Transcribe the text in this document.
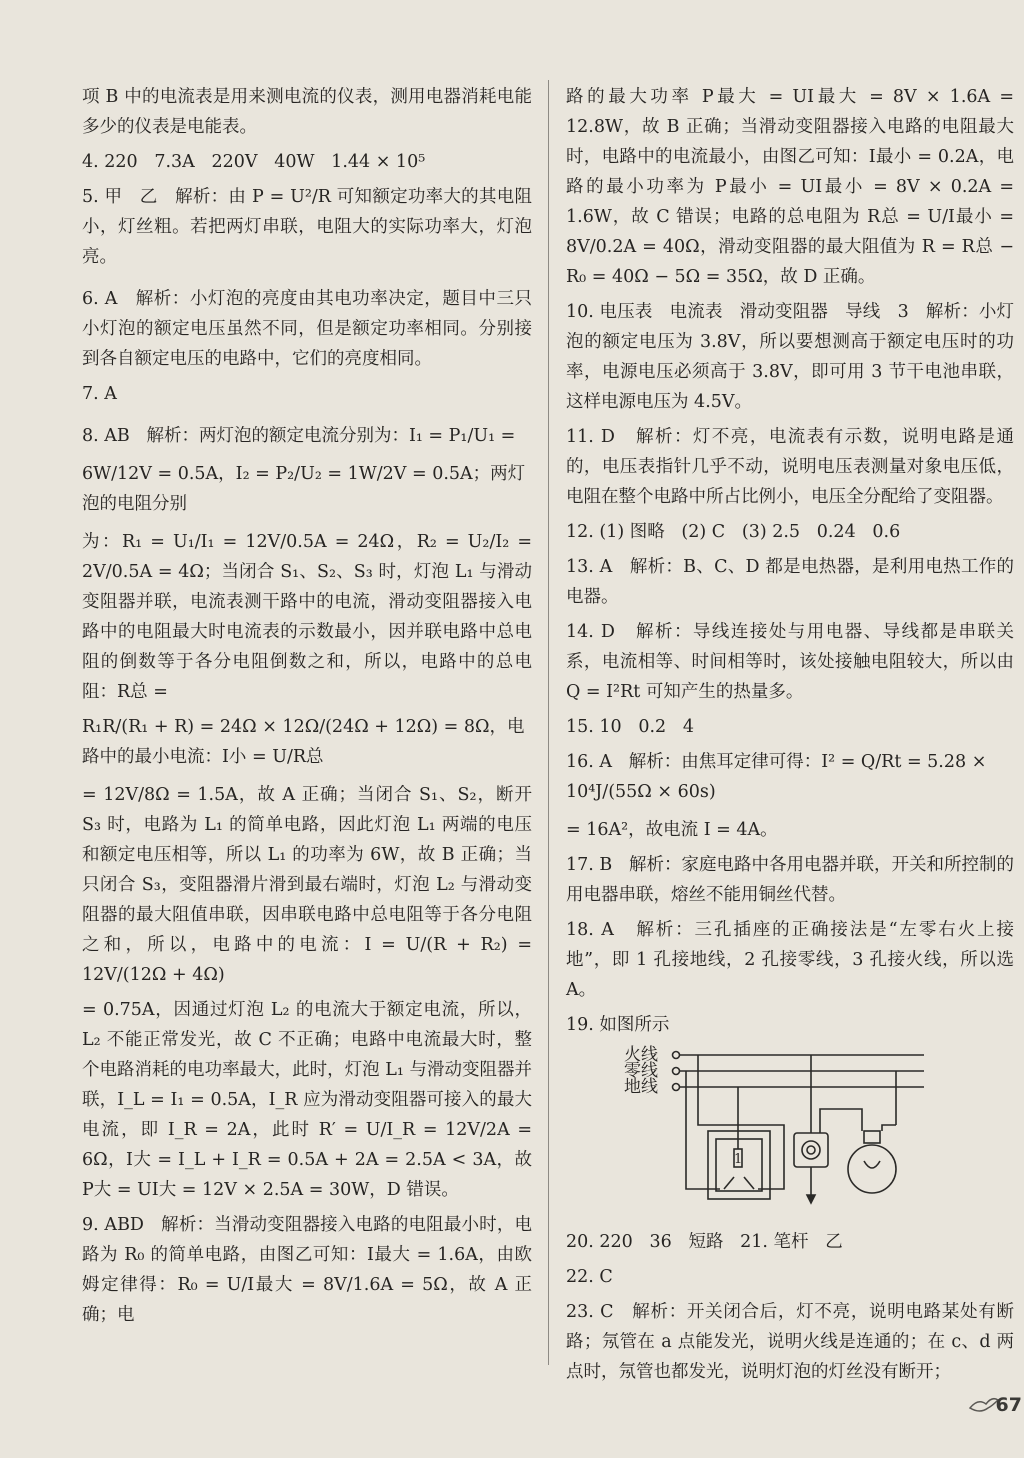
项 B 中的电流表是用来测电流的仪表，测用电器消耗电能多少的仪表是电能表。

4. 220   7.3A   220V   40W   1.44 × 10⁵

5. 甲   乙   解析：由 P = U²/R 可知额定功率大的其电阻小，灯丝粗。若把两灯串联，电阻大的实际功率大，灯泡亮。

6. A   解析：小灯泡的亮度由其电功率决定，题目中三只小灯泡的额定电压虽然不同，但是额定功率相同。分别接到各自额定电压的电路中，它们的亮度相同。

7. A

8. AB   解析：两灯泡的额定电流分别为：I₁ = P₁/U₁ =

6W/12V = 0.5A，I₂ = P₂/U₂ = 1W/2V = 0.5A；两灯泡的电阻分别

为：R₁ = U₁/I₁ = 12V/0.5A = 24Ω，R₂ = U₂/I₂ = 2V/0.5A = 4Ω；当闭合 S₁、S₂、S₃ 时，灯泡 L₁ 与滑动变阻器并联，电流表测干路中的电流，滑动变阻器接入电路中的电阻最大时电流表的示数最小，因并联电路中总电阻的倒数等于各分电阻倒数之和，所以，电路中的总电阻：R总 =

R₁R/(R₁ + R) = 24Ω × 12Ω/(24Ω + 12Ω) = 8Ω，电路中的最小电流：I小 = U/R总

= 12V/8Ω = 1.5A，故 A 正确；当闭合 S₁、S₂，断开 S₃ 时，电路为 L₁ 的简单电路，因此灯泡 L₁ 两端的电压和额定电压相等，所以 L₁ 的功率为 6W，故 B 正确；当只闭合 S₃，变阻器滑片滑到最右端时，灯泡 L₂ 与滑动变阻器的最大阻值串联，因串联电路中总电阻等于各分电阻之和，所以，电路中的电流：I = U/(R + R₂) = 12V/(12Ω + 4Ω)

= 0.75A，因通过灯泡 L₂ 的电流大于额定电流，所以，L₂ 不能正常发光，故 C 不正确；电路中电流最大时，整个电路消耗的电功率最大，此时，灯泡 L₁ 与滑动变阻器并联，I_L = I₁ = 0.5A，I_R 应为滑动变阻器可接入的最大电流，即 I_R = 2A，此时 R′ = U/I_R = 12V/2A = 6Ω，I大 = I_L + I_R = 0.5A + 2A = 2.5A < 3A，故 P大 = UI大 = 12V × 2.5A = 30W，D 错误。

9. ABD   解析：当滑动变阻器接入电路的电阻最小时，电路为 R₀ 的简单电路，由图乙可知：I最大 = 1.6A，由欧姆定律得：R₀ = U/I最大 = 8V/1.6A = 5Ω，故 A 正确；电

路的最大功率 P最大 = UI最大 = 8V × 1.6A = 12.8W，故 B 正确；当滑动变阻器接入电路的电阻最大时，电路中的电流最小，由图乙可知：I最小 = 0.2A，电路的最小功率为 P最小 = UI最小 = 8V × 0.2A = 1.6W，故 C 错误；电路的总电阻为 R总 = U/I最小 = 8V/0.2A = 40Ω，滑动变阻器的最大阻值为 R = R总 − R₀ = 40Ω − 5Ω = 35Ω，故 D 正确。

10. 电压表   电流表   滑动变阻器   导线   3   解析：小灯泡的额定电压为 3.8V，所以要想测高于额定电压时的功率，电源电压必须高于 3.8V，即可用 3 节干电池串联，这样电源电压为 4.5V。

11. D   解析：灯不亮，电流表有示数，说明电路是通的，电压表指针几乎不动，说明电压表测量对象电压低，电阻在整个电路中所占比例小，电压全分配给了变阻器。

12. (1) 图略   (2) C   (3) 2.5   0.24   0.6

13. A   解析：B、C、D 都是电热器，是利用电热工作的电器。

14. D   解析：导线连接处与用电器、导线都是串联关系，电流相等、时间相等时，该处接触电阻较大，所以由 Q = I²Rt 可知产生的热量多。

15. 10   0.2   4

16. A   解析：由焦耳定律可得：I² = Q/Rt = 5.28 × 10⁴J/(55Ω × 60s)

= 16A²，故电流 I = 4A。

17. B   解析：家庭电路中各用电器并联，开关和所控制的用电器串联，熔丝不能用铜丝代替。

18. A   解析：三孔插座的正确接法是“左零右火上接地”，即 1 孔接地线，2 孔接零线，3 孔接火线，所以选 A。

19. 如图所示

火线
零线
地线
1

20. 220   36   短路   21. 笔杆   乙

22. C

23. C   解析：开关闭合后，灯不亮，说明电路某处有断路；氖管在 a 点能发光，说明火线是连通的；在 c、d 两点时，氖管也都发光，说明灯泡的灯丝没有断开；

67
